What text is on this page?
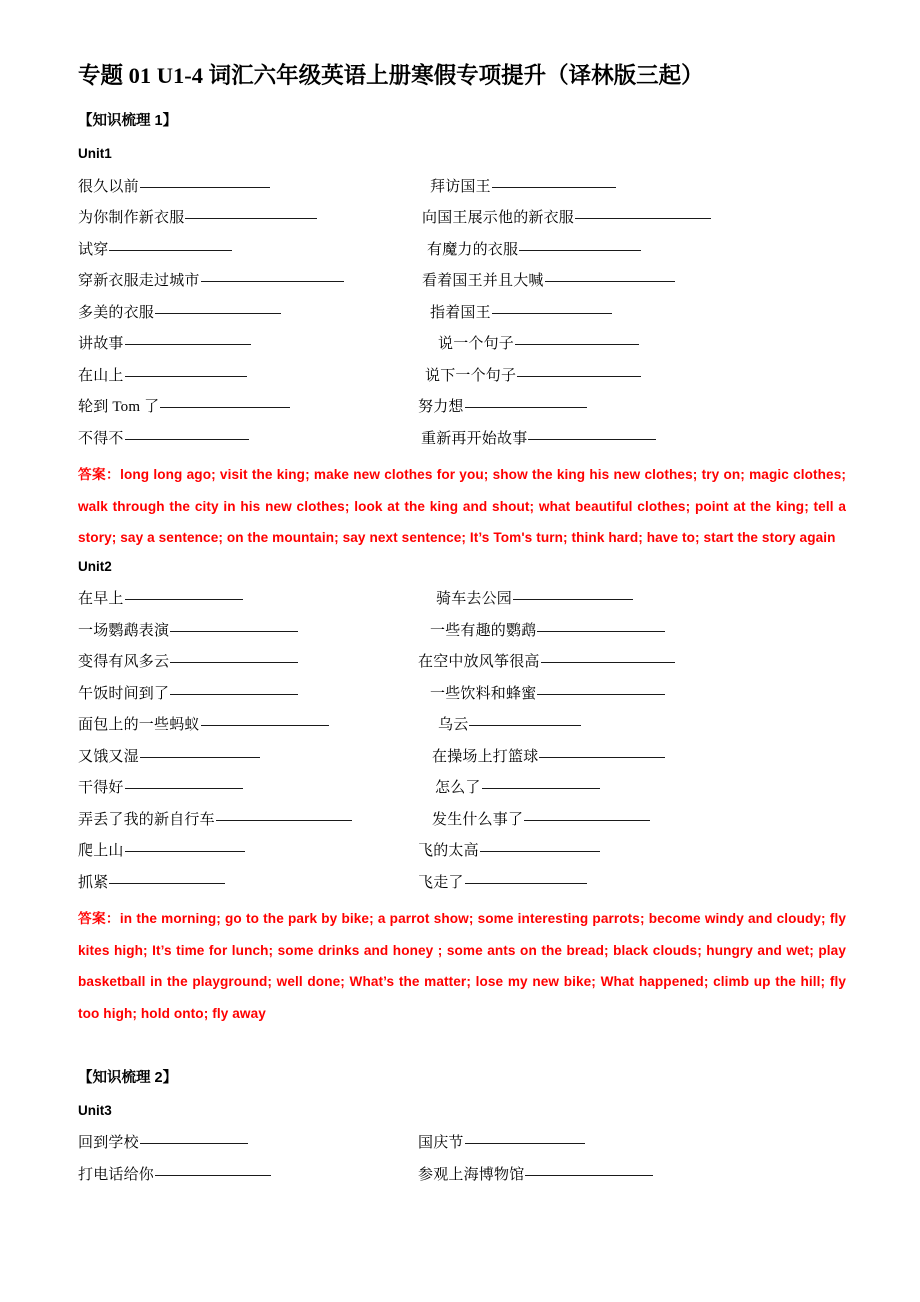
专题 01 U1-4 词汇六年级英语上册寒假专项提升（译林版三起）
【知识梳理 1】
Unit1
很久以前	拜访国王
为你制作新衣服	向国王展示他的新衣服
试穿	有魔力的衣服
穿新衣服走过城市	看着国王并且大喊
多美的衣服	指着国王
讲故事	说一个句子
在山上	说下一个句子
轮到 Tom 了	努力想
不得不	重新再开始故事

答案：long long ago; visit the king; make new clothes for you; show the king his new clothes; try on; magic clothes; walk through the city in his new clothes; look at the king and shout; what beautiful clothes; point at the king; tell a story; say a sentence; on the mountain; say next sentence; It’s Tom's turn; think hard; have to; start the story again

Unit2
在早上	骑车去公园
一场鹦鹉表演	一些有趣的鹦鹉
变得有风多云	在空中放风筝很高
午饭时间到了	一些饮料和蜂蜜
面包上的一些蚂蚁	乌云
又饿又湿	在操场上打篮球
干得好	怎么了
弄丢了我的新自行车	发生什么事了
爬上山	飞的太高
抓紧	飞走了

答案：in the morning; go to the park by bike; a parrot show; some interesting parrots; become windy and cloudy; fly kites high; It’s time for lunch; some drinks and honey ; some ants on the bread; black clouds; hungry and wet; play basketball in the playground; well done; What’s the matter; lose my new bike; What happened; climb up the hill; fly too high; hold onto; fly away

【知识梳理 2】
Unit3
回到学校	国庆节
打电话给你	参观上海博物馆
